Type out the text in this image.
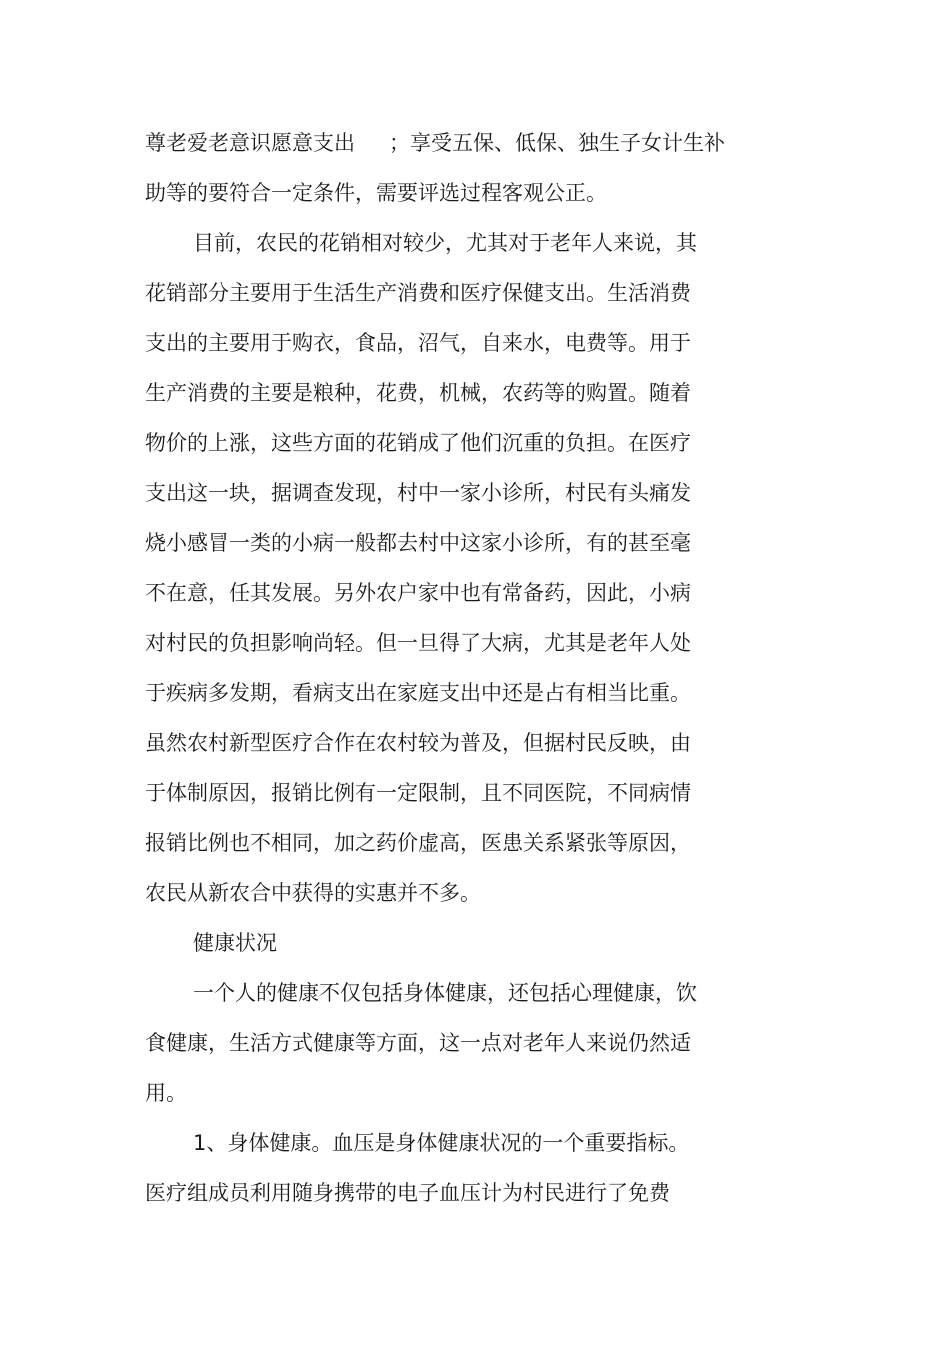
尊老爱老意识愿意支出 ；享受五保、低保、独生子女计生补
助等的要符合一定条件，需要评选过程客观公正。
目前，农民的花销相对较少，尤其对于老年人来说，其
花销部分主要用于生活生产消费和医疗保健支出。生活消费
支出的主要用于购衣，食品，沼气，自来水，电费等。用于
生产消费的主要是粮种，花费，机械，农药等的购置。随着
物价的上涨，这些方面的花销成了他们沉重的负担。在医疗
支出这一块，据调查发现，村中一家小诊所，村民有头痛发
烧小感冒一类的小病一般都去村中这家小诊所，有的甚至毫
不在意，任其发展。另外农户家中也有常备药，因此，小病
对村民的负担影响尚轻。但一旦得了大病，尤其是老年人处
于疾病多发期，看病支出在家庭支出中还是占有相当比重。
虽然农村新型医疗合作在农村较为普及，但据村民反映，由
于体制原因，报销比例有一定限制，且不同医院，不同病情
报销比例也不相同，加之药价虚高，医患关系紧张等原因，
农民从新农合中获得的实惠并不多。
健康状况
一个人的健康不仅包括身体健康，还包括心理健康，饮
食健康，生活方式健康等方面，这一点对老年人来说仍然适
用。
1、身体健康。血压是身体健康状况的一个重要指标。
医疗组成员利用随身携带的电子血压计为村民进行了免费
